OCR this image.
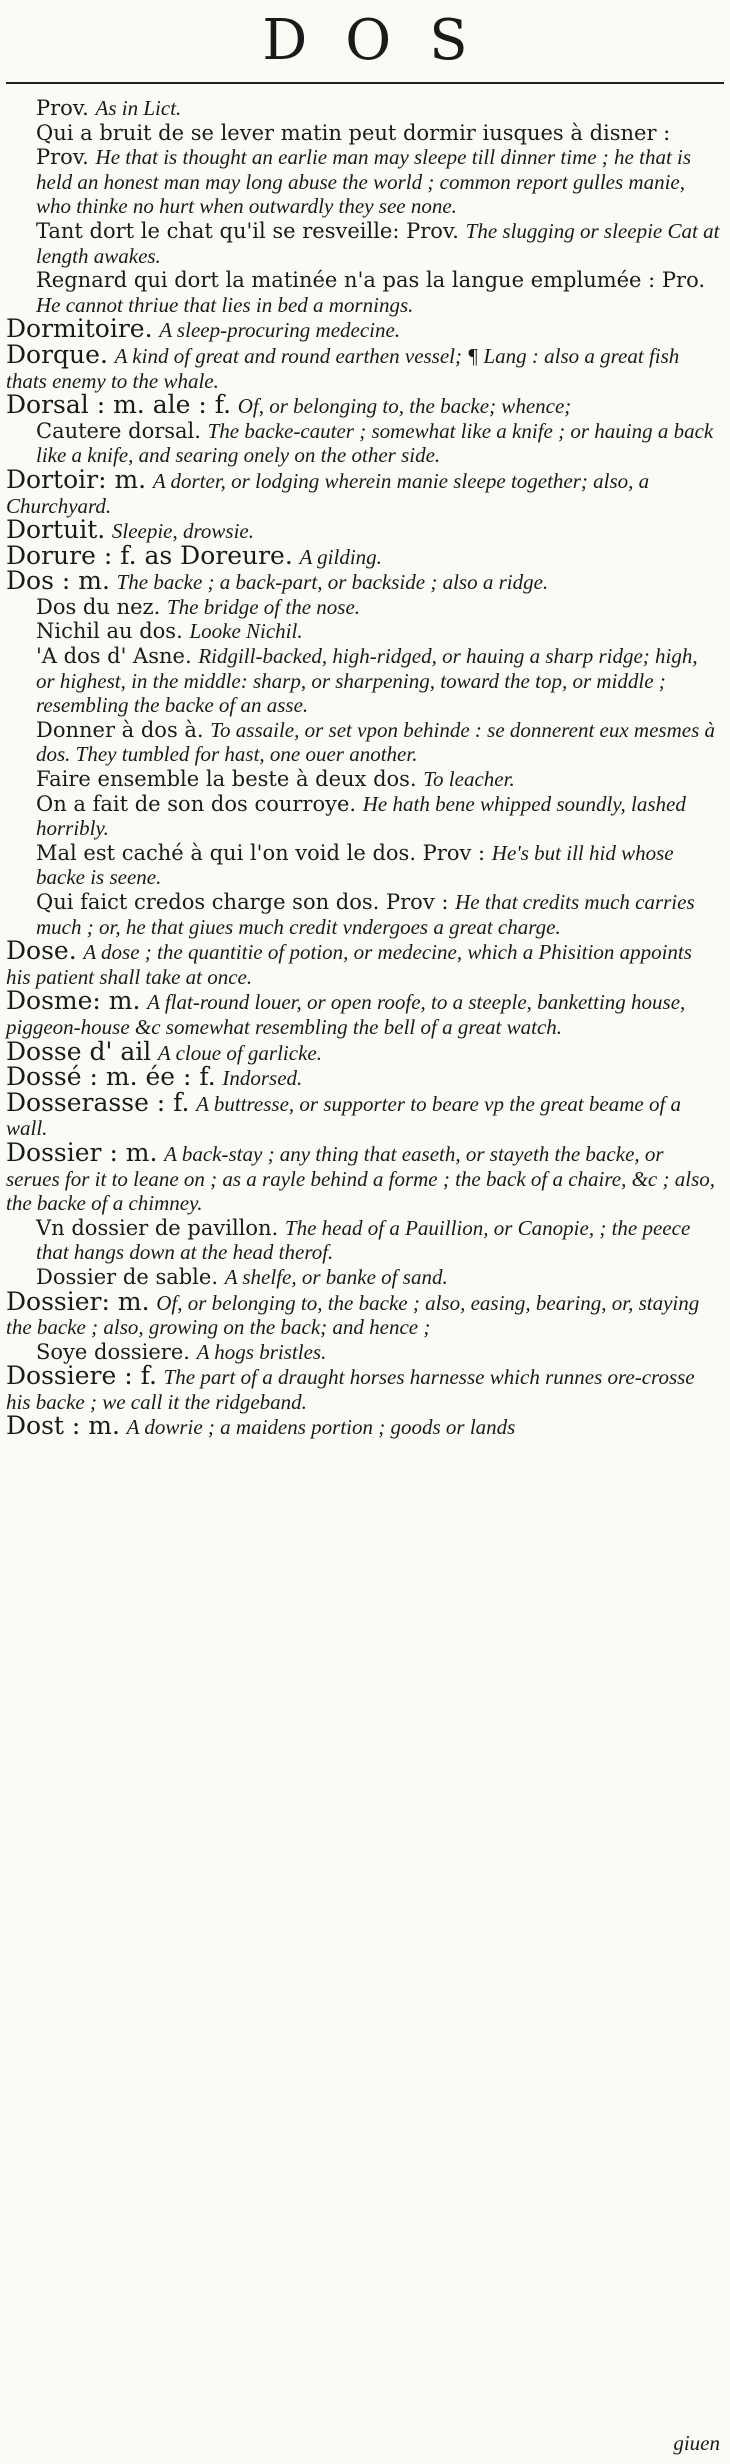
DOS

Prov. As in Lict.

Qui a bruit de se lever matin peut dormir iusques à disner : Prov. He that is thought an earlie man may sleepe till dinner time ; he that is held an honest man may long abuse the world ; common report gulles manie, who thinke no hurt when outwardly they see none.

Tant dort le chat qu'il se resveille: Prov. The slugging or sleepie Cat at length awakes.

Regnard qui dort la matinée n'a pas la langue emplumée : Pro. He cannot thriue that lies in bed a mornings.

Dormitoire. A sleep-procuring medecine.

Dorque. A kind of great and round earthen vessel; ¶ Lang : also a great fish thats enemy to the whale.

Dorsal : m. ale : f. Of, or belonging to, the backe; whence;

Cautere dorsal. The backe-cauter ; somewhat like a knife ; or hauing a back like a knife, and searing onely on the other side.

Dortoir: m. A dorter, or lodging wherein manie sleepe together; also, a Churchyard.

Dortuit. Sleepie, drowsie.

Dorure : f. as Doreure. A gilding.

Dos : m. The backe ; a back-part, or backside ; also a ridge.

Dos du nez. The bridge of the nose.

Nichil au dos. Looke Nichil.

'A dos d' Asne. Ridgill-backed, high-ridged, or hauing a sharp ridge; high, or highest, in the middle: sharp, or sharpening, toward the top, or middle ; resembling the backe of an asse.

Donner à dos à. To assaile, or set vpon behinde : se donnerent eux mesmes à dos. They tumbled for hast, one ouer another.

Faire ensemble la beste à deux dos. To leacher.

On a fait de son dos courroye. He hath bene whipped soundly, lashed horribly.

Mal est caché à qui l'on void le dos. Prov : He's but ill hid whose backe is seene.

Qui faict credos charge son dos. Prov : He that credits much carries much ; or, he that giues much credit vndergoes a great charge.

Dose. A dose ; the quantitie of potion, or medecine, which a Phisition appoints his patient shall take at once.

Dosme: m. A flat-round louer, or open roofe, to a steeple, banketting house, piggeon-house &c somewhat resembling the bell of a great watch.

Dosse d' ail A cloue of garlicke.

Dossé : m. ée : f. Indorsed.

Dosserasse : f. A buttresse, or supporter to beare vp the great beame of a wall.

Dossier : m. A back-stay ; any thing that easeth, or stayeth the backe, or serues for it to leane on ; as a rayle behind a forme ; the back of a chaire, &c ; also, the backe of a chimney.

Vn dossier de pavillon. The head of a Pauillion, or Canopie, ; the peece that hangs down at the head therof.

Dossier de sable. A shelfe, or banke of sand.

Dossier: m. Of, or belonging to, the backe ; also, easing, bearing, or, staying the backe ; also, growing on the back; and hence ;

Soye dossiere. A hogs bristles.

Dossiere : f. The part of a draught horses harnesse which runnes ore-crosse his backe ; we call it the ridgeband.

Dost : m. A dowrie ; a maidens portion ; goods or lands

giuen
